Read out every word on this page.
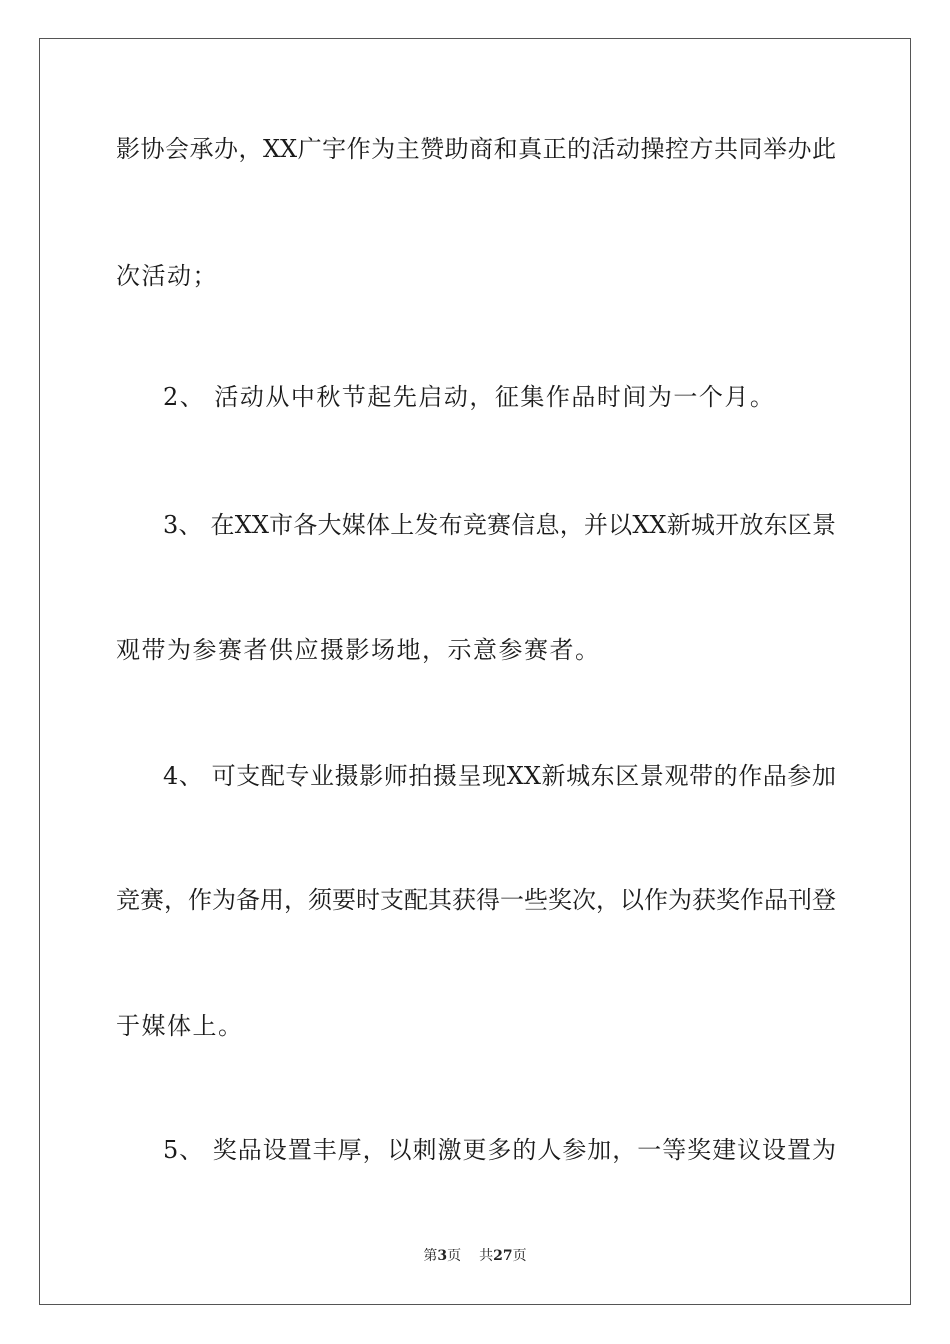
影协会承办，XX广宇作为主赞助商和真正的活动操控方共同举办此
次活动；
2、 活动从中秋节起先启动，征集作品时间为一个月。
3、 在XX市各大媒体上发布竞赛信息，并以XX新城开放东区景
观带为参赛者供应摄影场地，示意参赛者。
4、 可支配专业摄影师拍摄呈现XX新城东区景观带的作品参加
竞赛，作为备用，须要时支配其获得一些奖次，以作为获奖作品刊登
于媒体上。
5、 奖品设置丰厚，以刺激更多的人参加，一等奖建议设置为
第3页 共27页
